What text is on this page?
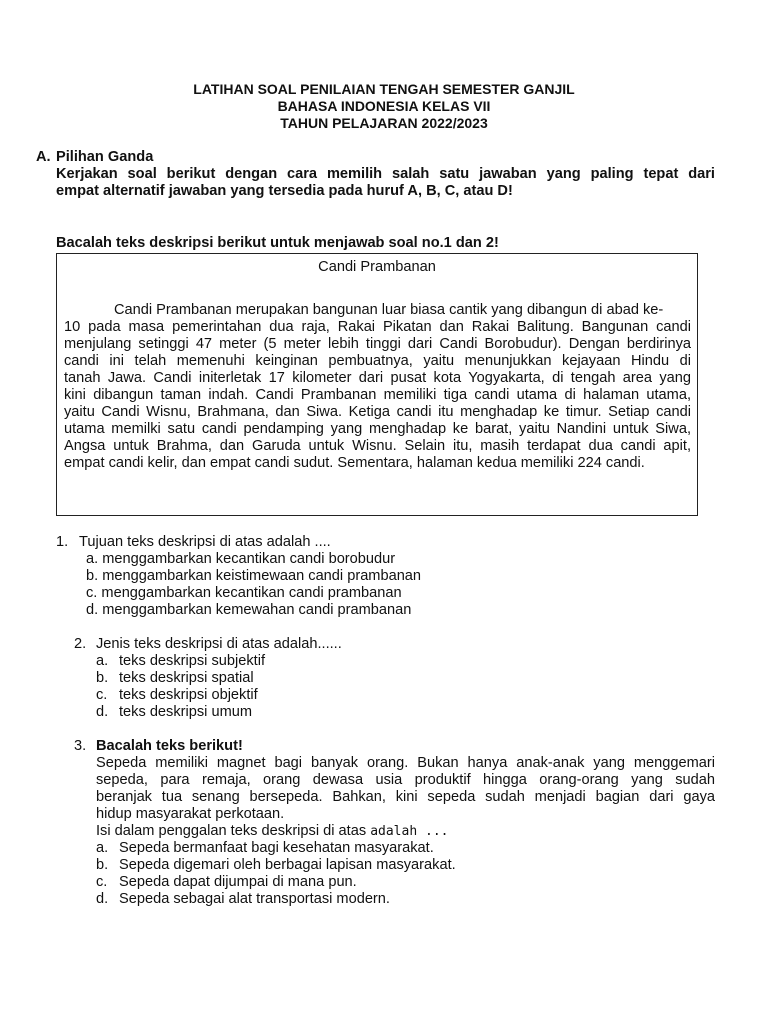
LATIHAN SOAL PENILAIAN TENGAH SEMESTER GANJIL
BAHASA INDONESIA KELAS VII
TAHUN PELAJARAN 2022/2023
A. Pilihan Ganda
Kerjakan soal berikut dengan cara memilih salah satu jawaban yang paling tepat dari
empat alternatif jawaban yang tersedia pada huruf A, B, C, atau D!
Bacalah teks deskripsi berikut untuk menjawab soal no.1 dan 2!
Candi Prambanan
Candi Prambanan merupakan bangunan luar biasa cantik yang dibangun di abad ke-
10 pada masa pemerintahan dua raja, Rakai Pikatan dan Rakai Balitung. Bangunan candi
menjulang setinggi 47 meter (5 meter lebih tinggi dari Candi Borobudur). Dengan berdirinya
candi ini telah memenuhi keinginan pembuatnya, yaitu menunjukkan kejayaan Hindu di
tanah Jawa. Candi initerletak 17 kilometer dari pusat kota Yogyakarta, di tengah area yang
kini dibangun taman indah. Candi Prambanan memiliki tiga candi utama di halaman utama,
yaitu Candi Wisnu, Brahmana, dan Siwa. Ketiga candi itu menghadap ke timur. Setiap candi
utama memilki satu candi pendamping yang menghadap ke barat, yaitu Nandini untuk Siwa,
Angsa untuk Brahma, dan Garuda untuk Wisnu. Selain itu, masih terdapat dua candi apit,
empat candi kelir, dan empat candi sudut. Sementara, halaman kedua memiliki 224 candi.
1. Tujuan teks deskripsi di atas adalah ....
a. menggambarkan kecantikan candi borobudur
b. menggambarkan keistimewaan candi prambanan
c. menggambarkan kecantikan candi prambanan
d. menggambarkan kemewahan candi prambanan
2. Jenis teks deskripsi di atas adalah......
a. teks deskripsi subjektif
b. teks deskripsi spatial
c. teks deskripsi objektif
d. teks deskripsi umum
3. Bacalah teks berikut!
Sepeda memiliki magnet bagi banyak orang. Bukan hanya anak-anak yang menggemari
sepeda, para remaja, orang dewasa usia produktif hingga orang-orang yang sudah
beranjak tua senang bersepeda. Bahkan, kini sepeda sudah menjadi bagian dari gaya
hidup masyarakat perkotaan.
Isi dalam penggalan teks deskripsi di atas adalah ...
a. Sepeda bermanfaat bagi kesehatan masyarakat.
b. Sepeda digemari oleh berbagai lapisan masyarakat.
c. Sepeda dapat dijumpai di mana pun.
d. Sepeda sebagai alat transportasi modern.
